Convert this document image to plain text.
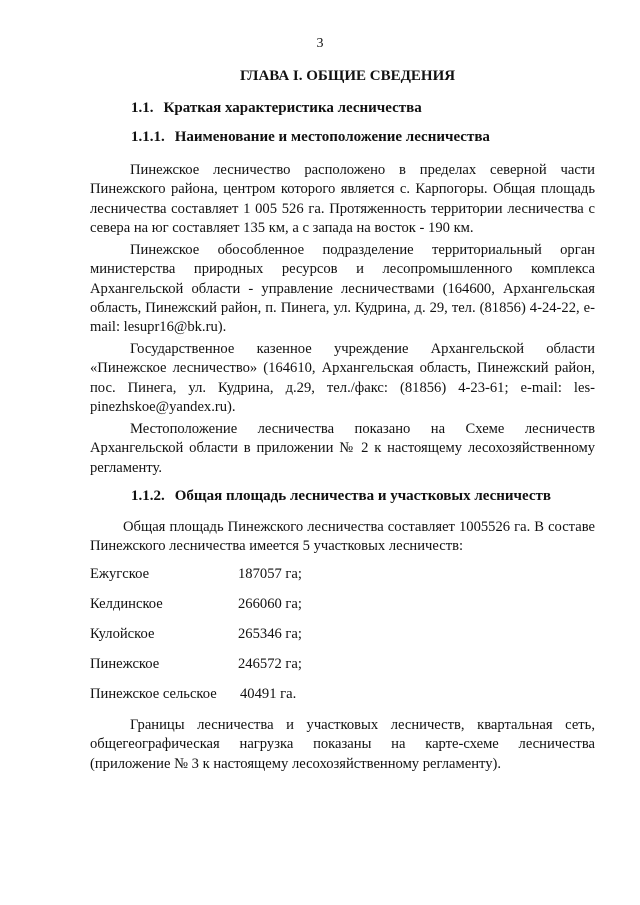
3
ГЛАВА I. ОБЩИЕ СВЕДЕНИЯ
1.1. Краткая характеристика лесничества
1.1.1. Наименование и местоположение лесничества

Пинежское лесничество расположено в пределах северной части Пинежского района, центром которого является с. Карпогоры. Общая площадь лесничества составляет 1 005 526 га. Протяженность территории лесничества с севера на юг составляет 135 км, а с запада на восток - 190 км.

Пинежское обособленное подразделение территориальный орган министерства природных ресурсов и лесопромышленного комплекса Архангельской области - управление лесничествами (164600, Архангельская область, Пинежский район, п. Пинега, ул. Кудрина, д. 29, тел. (81856) 4-24-22, e-mail: lesupr16@bk.ru).

Государственное казенное учреждение Архангельской области «Пинежское лесничество» (164610, Архангельская область, Пинежский район, пос. Пинега, ул. Кудрина, д.29, тел./факс: (81856) 4-23-61; e-mail: les-pinezhskoe@yandex.ru).

Местоположение лесничества показано на Схеме лесничеств Архангельской области в приложении № 2 к настоящему лесохозяйственному регламенту.

1.1.2. Общая площадь лесничества и участковых лесничеств

Общая площадь Пинежского лесничества составляет 1005526 га. В составе Пинежского лесничества имеется 5 участковых лесничеств:

Ежугское	187057 га;
Келдинское	266060 га;
Кулойское	265346 га;
Пинежское	246572 га;
Пинежское сельское 40491 га.

Границы лесничества и участковых лесничеств, квартальная сеть, общегеографическая нагрузка показаны на карте-схеме лесничества (приложение № 3 к настоящему лесохозяйственному регламенту).
